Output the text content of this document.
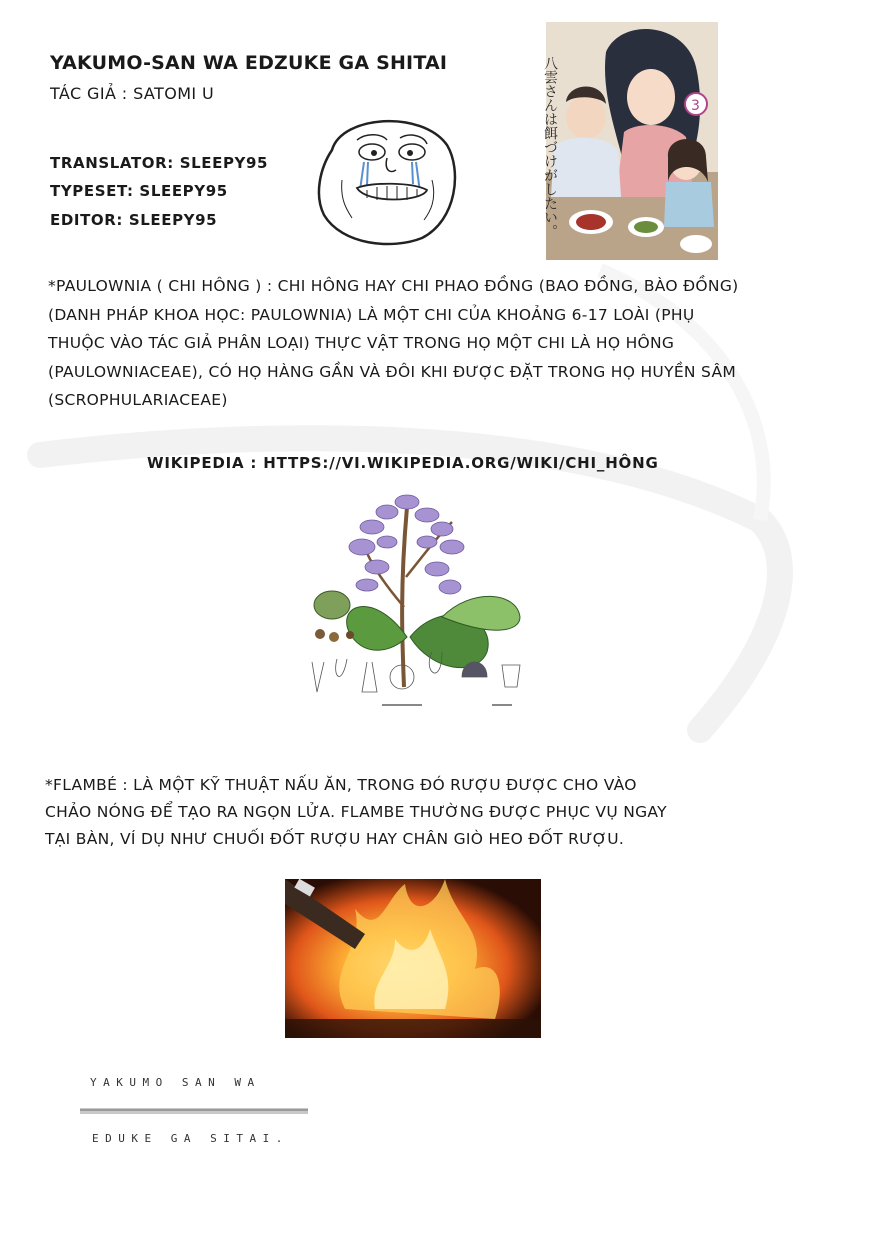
YAKUMO-SAN WA EDZUKE GA SHITAI
TÁC GIẢ : SATOMI U
TRANSLATOR: SLEEPY95
TYPESET: SLEEPY95
EDITOR: SLEEPY95	八雲さんは餌づけがしたい。	3
*PAULOWNIA ( CHI HÔNG ) : CHI HÔNG HAY CHI PHAO ĐỒNG (BAO ĐỒNG, BÀO ĐỒNG)
(DANH PHÁP KHOA HỌC: PAULOWNIA) LÀ MỘT CHI CỦA KHOẢNG 6-17 LOÀI (PHỤ
THUỘC VÀO TÁC GIẢ PHÂN LOẠI) THỰC VẬT TRONG HỌ MỘT CHI LÀ HỌ HÔNG
(PAULOWNIACEAE), CÓ HỌ HÀNG GẦN VÀ ĐÔI KHI ĐƯỢC ĐẶT TRONG HỌ HUYỀN SÂM
(SCROPHULARIACEAE)
WIKIPEDIA : HTTPS://VI.WIKIPEDIA.ORG/WIKI/CHI_HÔNG
*FLAMBÉ : LÀ MỘT KỸ THUẬT NẤU ĂN, TRONG ĐÓ RƯỢU ĐƯỢC CHO VÀO
CHẢO NÓNG ĐỂ TẠO RA NGỌN LỬA. FLAMBE THƯỜNG ĐƯỢC PHỤC VỤ NGAY
TẠI BÀN, VÍ DỤ NHƯ CHUỐI ĐỐT RƯỢU HAY CHÂN GIÒ HEO ĐỐT RƯỢU.
YAKUMO SAN WA
EDUKE GA SITAI.
